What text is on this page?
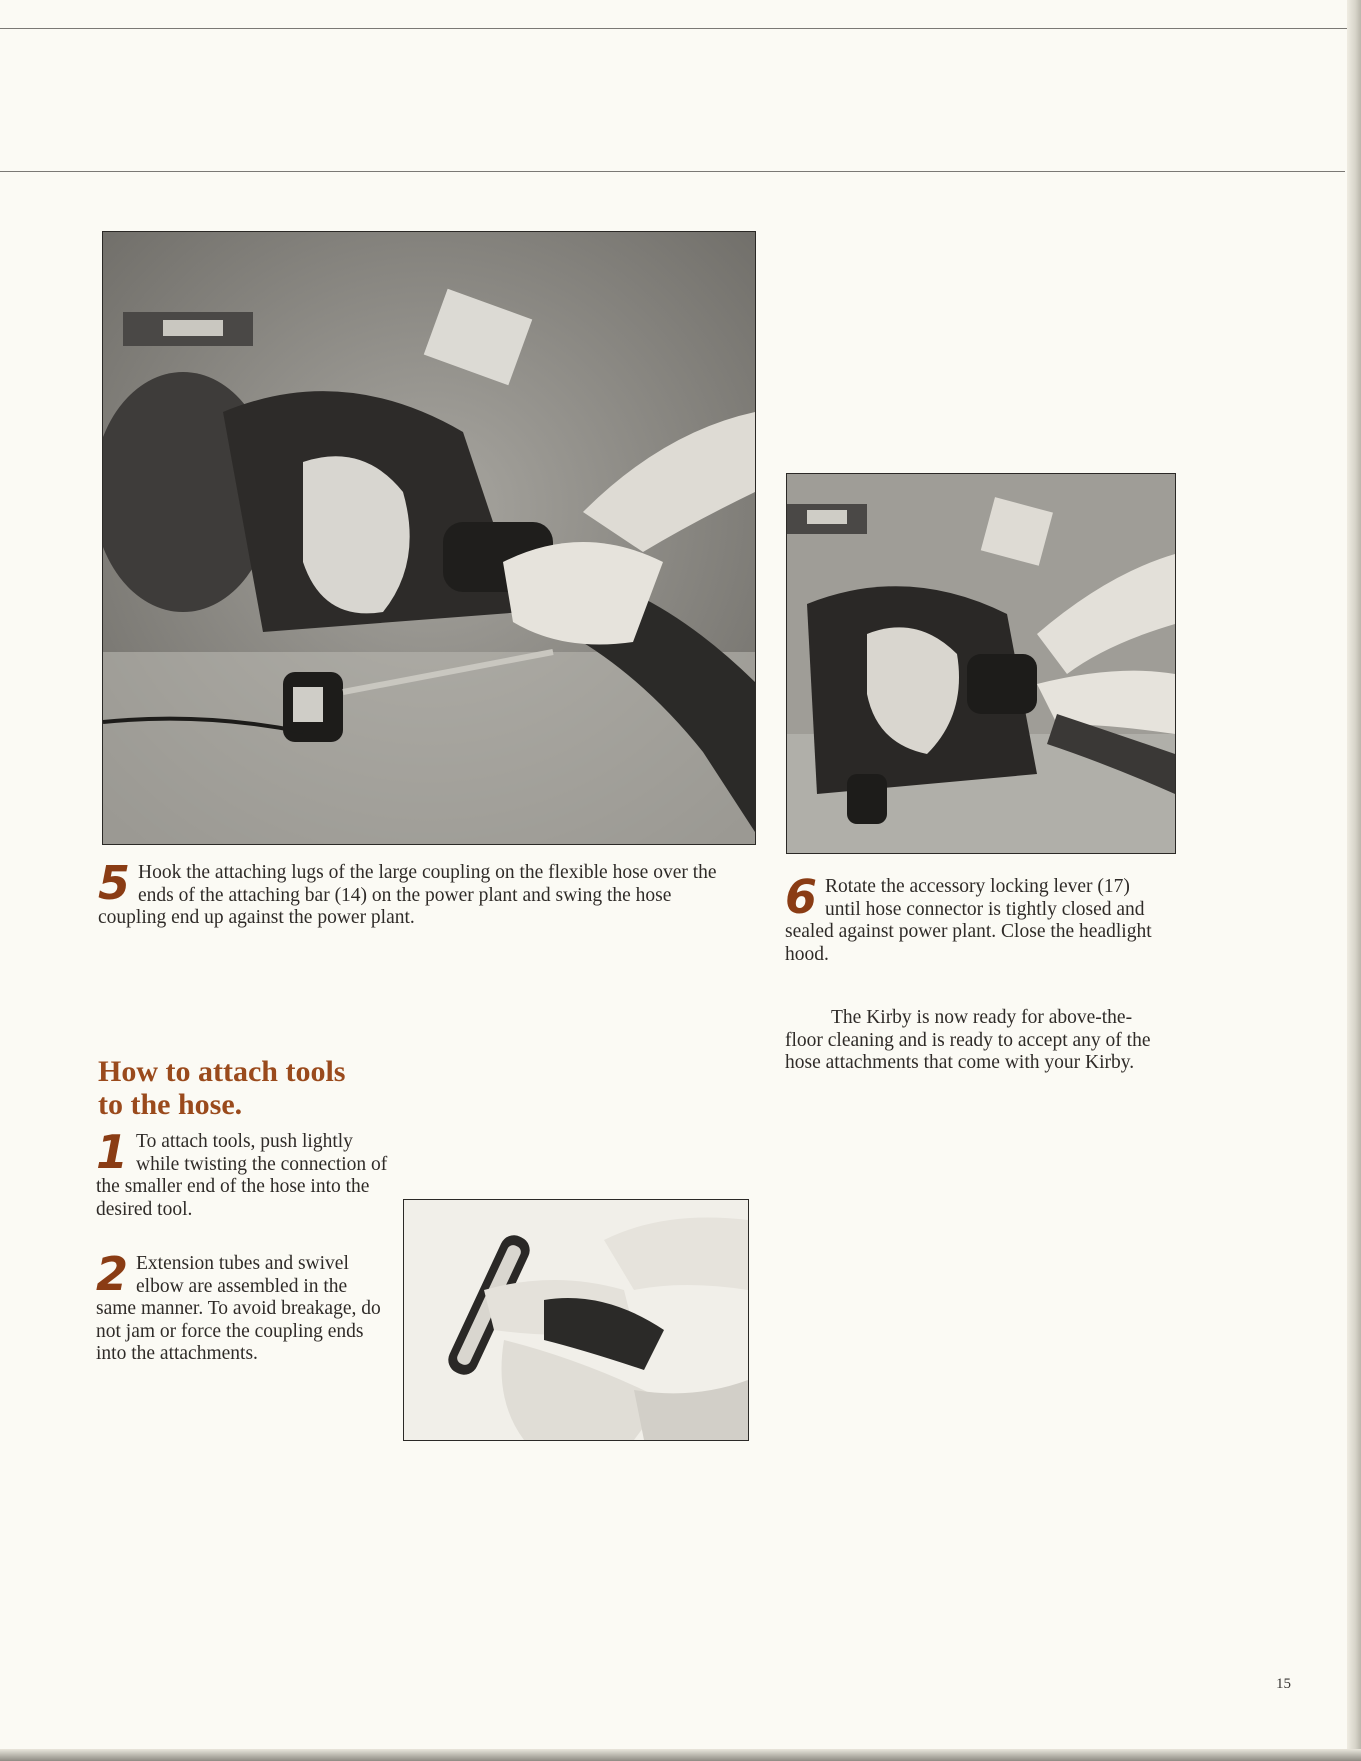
5 Hook the attaching lugs of the large coupling on the flexible hose over the ends of the attaching bar (14) on the power plant and swing the hose coupling end up against the power plant.	6 Rotate the accessory locking lever (17) until hose connector is tightly closed and sealed against power plant. Close the headlight hood.

The Kirby is now ready for above-the-floor cleaning and is ready to accept any of the hose attachments that come with your Kirby.

How to attach tools
to the hose.

1 To attach tools, push lightly while twisting the connection of the smaller end of the hose into the desired tool.

2 Extension tubes and swivel elbow are assembled in the same manner. To avoid breakage, do not jam or force the coupling ends into the attachments.

15
